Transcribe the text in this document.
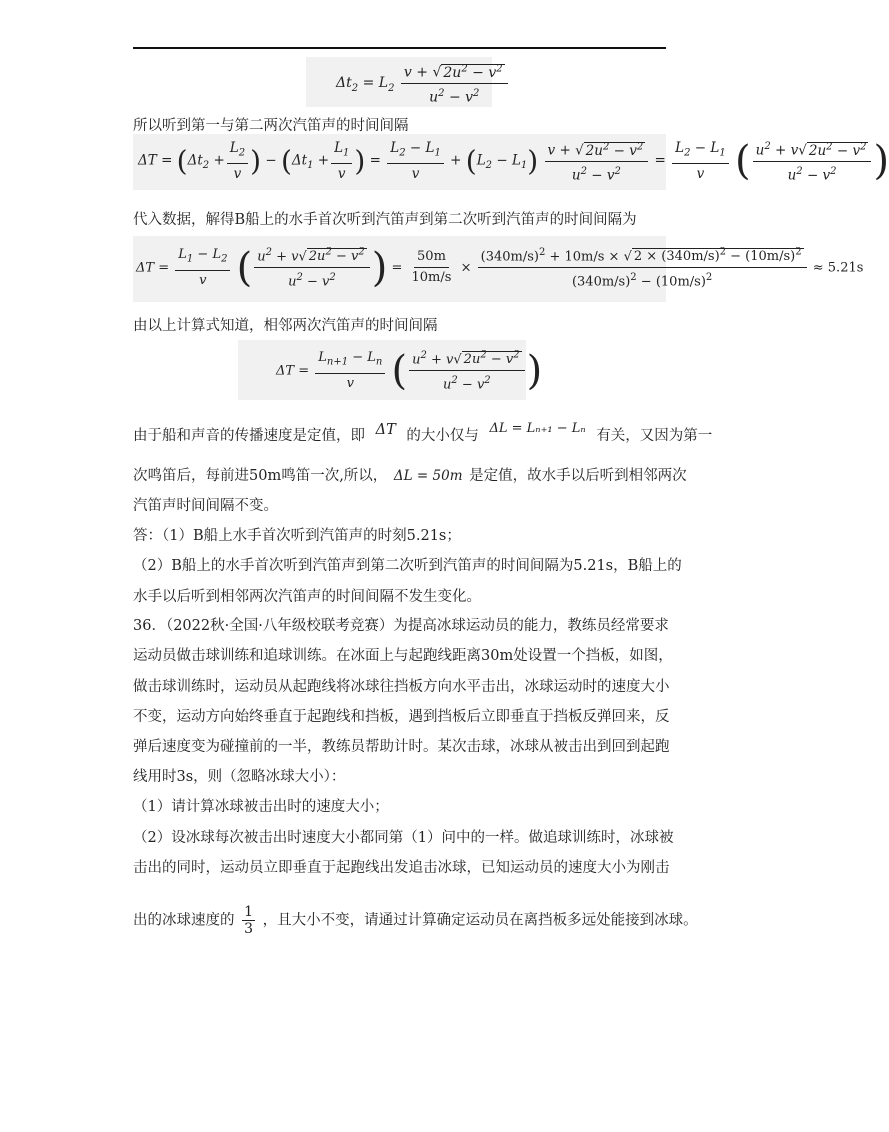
$\Delta t_2 = L_2 \frac{v + √ 2u^2 - v^2}{u^2 - v^2}$
所以听到第一与第二两次汽笛声的时间间隔
$\Delta T = (\Delta t_2 + \frac{L_2}{v}$ ) − ($\Delta t_1 + \frac{L_1}{v}$ ) = $\frac{L_2 - L_1}{v} + (L_2 - L_1) \frac{v + √ 2u^2 - v^2}{u^2 - v^2} = \frac{L_2 - L_1}{v}$ ( $\frac{u^2 + v√ 2u^2 - v^2}{u^2 - v^2}$ )
代入数据，解得B船上的水手首次听到汽笛声到第二次听到汽笛声的时间间隔为
$\Delta T = \frac{L_1 - L_2}{v}$ ( $\frac{u^2 + v√ 2u^2 - v^2}{u^2 - v^2}$ ) = $\frac{50m}{10m/s} \times \frac{(340m/s)^2 + 10m/s \times √ 2 \times (340m/s)^2 - (10m/s)^2}{(340m/s)^2 - (10m/s)^2} \approx 5.21s$
由以上计算式知道，相邻两次汽笛声的时间间隔
$\Delta T = \frac{L_{n+1} - L_n}{v}$ ( $\frac{u^2 + v√ 2u^2 - v^2}{u^2 - v^2}$ )
由于船和声音的传播速度是定值，即 ΔT 的大小仅与 ΔL = Lₙ₊₁ − Lₙ 有关，又因为第一
次鸣笛后，每前进50m鸣笛一次,所以， ΔL = 50m 是定值，故水手以后听到相邻两次
汽笛声时间间隔不变。
答：（1）B船上水手首次听到汽笛声的时刻5.21s；
（2）B船上的水手首次听到汽笛声到第二次听到汽笛声的时间间隔为5.21s，B船上的
水手以后听到相邻两次汽笛声的时间间隔不发生变化。
36．（2022秋·全国·八年级校联考竞赛）为提高冰球运动员的能力，教练员经常要求
运动员做击球训练和追球训练。在冰面上与起跑线距离30m处设置一个挡板，如图，
做击球训练时，运动员从起跑线将冰球往挡板方向水平击出，冰球运动时的速度大小
不变，运动方向始终垂直于起跑线和挡板，遇到挡板后立即垂直于挡板反弹回来，反
弹后速度变为碰撞前的一半，教练员帮助计时。某次击球，冰球从被击出到回到起跑
线用时3s，则（忽略冰球大小）：
（1）请计算冰球被击出时的速度大小；
（2）设冰球每次被击出时速度大小都同第（1）问中的一样。做追球训练时，冰球被
击出的同时，运动员立即垂直于起跑线出发追击冰球，已知运动员的速度大小为刚击
出的冰球速度的 $\frac{1}{3}$ ，且大小不变，请通过计算确定运动员在离挡板多远处能接到冰球。
